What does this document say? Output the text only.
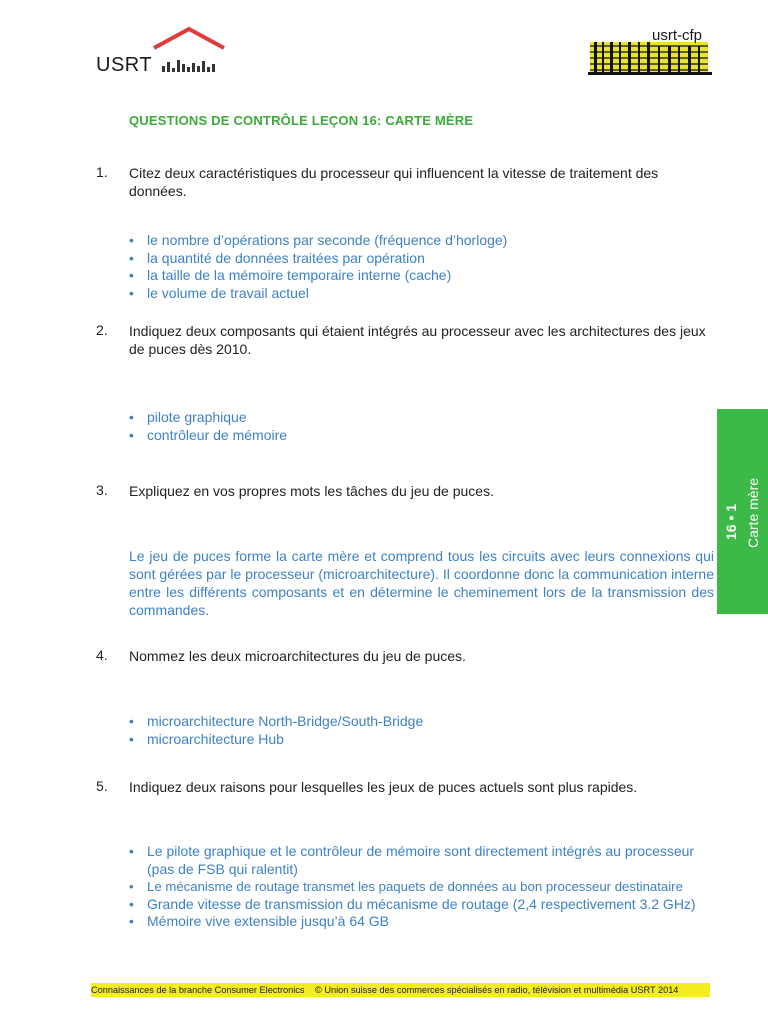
USRT
usrt-cfp
QUESTIONS DE CONTRÔLE LEÇON 16: CARTE MÈRE
1. Citez deux caractéristiques du processeur qui influencent la vitesse de traitement des données.
• le nombre d’opérations par seconde (fréquence d’horloge)
• la quantité de données traitées par opération
• la taille de la mémoire temporaire interne (cache)
• le volume de travail actuel
2. Indiquez deux composants qui étaient intégrés au processeur avec les architectures des jeux de puces dès 2010.
• pilote graphique
• contrôleur de mémoire
3. Expliquez en vos propres mots les tâches du jeu de puces.
Le jeu de puces forme la carte mère et comprend tous les circuits avec leurs connexions qui sont gérées par le processeur (microarchitecture). Il coordonne donc la communication interne entre les différents composants et en détermine le cheminement lors de la transmission des commandes.
4. Nommez les deux microarchitectures du jeu de puces.
• microarchitecture North-Bridge/South-Bridge
• microarchitecture Hub
5. Indiquez deux raisons pour lesquelles les jeux de puces actuels sont plus rapides.
• Le pilote graphique et le contrôleur de mémoire sont directement intégrés au processeur (pas de FSB qui ralentit)
• Le mécanisme de routage transmet les paquets de données au bon processeur destinataire
• Grande vitesse de transmission du mécanisme de routage (2,4 respectivement 3.2 GHz)
• Mémoire vive extensible jusqu’à 64 GB
16 • 1 Carte mère
Connaissances de la branche Consumer Electronics © Union suisse des commerces spécialisés en radio, télévision et multimédia USRT 2014
